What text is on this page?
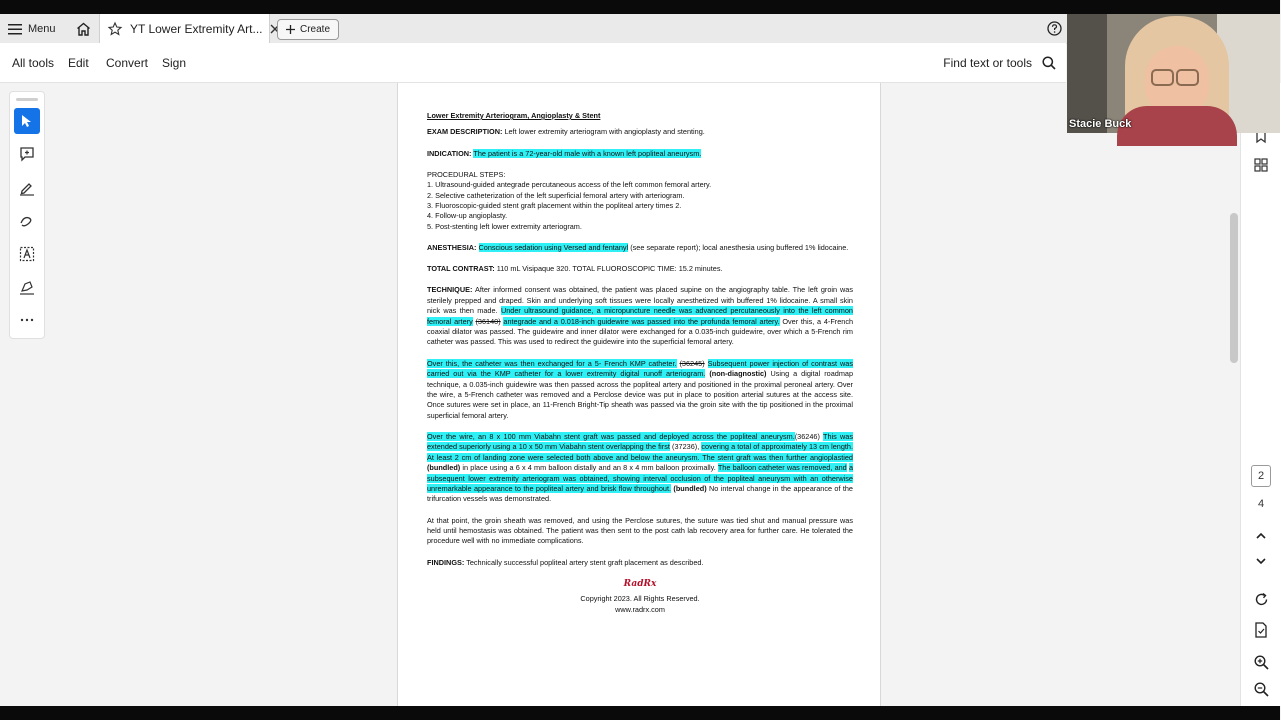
Menu	YT Lower Extremity Art...	Create
All tools Edit Convert Sign	Find text or tools

Lower Extremity Arteriogram, Angioplasty & Stent

EXAM DESCRIPTION: Left lower extremity arteriogram with angioplasty and stenting.

INDICATION: The patient is a 72-year-old male with a known left popliteal aneurysm.

PROCEDURAL STEPS:
1. Ultrasound-guided antegrade percutaneous access of the left common femoral artery.
2. Selective catheterization of the left superficial femoral artery with arteriogram.
3. Fluoroscopic-guided stent graft placement within the popliteal artery times 2.
4. Follow-up angioplasty.
5. Post-stenting left lower extremity arteriogram.

ANESTHESIA: Conscious sedation using Versed and fentanyl (see separate report); local anesthesia using buffered 1% lidocaine.

TOTAL CONTRAST: 110 mL Visipaque 320. TOTAL FLUOROSCOPIC TIME: 15.2 minutes.

TECHNIQUE: After informed consent was obtained, the patient was placed supine on the angiography table. The left groin was sterilely prepped and draped. Skin and underlying soft tissues were locally anesthetized with buffered 1% lidocaine. A small skin nick was then made. Under ultrasound guidance, a micropuncture needle was advanced percutaneously into the left common femoral artery (36140) antegrade and a 0.018-inch guidewire was passed into the profunda femoral artery. Over this, a 4-French coaxial dilator was passed. The guidewire and inner dilator were exchanged for a 0.035-inch guidewire, over which a 5-French rim catheter was passed. This was used to redirect the guidewire into the superficial femoral artery.

Over this, the catheter was then exchanged for a 5- French KMP catheter. (36245) Subsequent power injection of contrast was carried out via the KMP catheter for a lower extremity digital runoff arteriogram. (non-diagnostic) Using a digital roadmap technique, a 0.035-inch guidewire was then passed across the popliteal artery and positioned in the proximal peroneal artery. Over the wire, a 5-French catheter was removed and a Perclose device was put in place to position arterial sutures at the access site. Once sutures were set in place, an 11-French Bright-Tip sheath was passed via the groin site with the tip positioned in the proximal superficial femoral artery.

Over the wire, an 8 x 100 mm Viabahn stent graft was passed and deployed across the popliteal aneurysm.(36246) This was extended superiorly using a 10 x 50 mm Viabahn stent overlapping the first (37236), covering a total of approximately 13 cm length. At least 2 cm of landing zone were selected both above and below the aneurysm. The stent graft was then further angioplastied (bundled) in place using a 6 x 4 mm balloon distally and an 8 x 4 mm balloon proximally. The balloon catheter was removed, and a subsequent lower extremity arteriogram was obtained, showing interval occlusion of the popliteal aneurysm with an otherwise unremarkable appearance to the popliteal artery and brisk flow throughout. (bundled) No interval change in the appearance of the trifurcation vessels was demonstrated.

At that point, the groin sheath was removed, and using the Perclose sutures, the suture was tied shut and manual pressure was held until hemostasis was obtained. The patient was then sent to the post cath lab recovery area for further care. He tolerated the procedure well with no immediate complications.

FINDINGS: Technically successful popliteal artery stent graft placement as described.

RadRx
Copyright 2023. All Rights Reserved.
www.radrx.com
2
4
Stacie Buck
